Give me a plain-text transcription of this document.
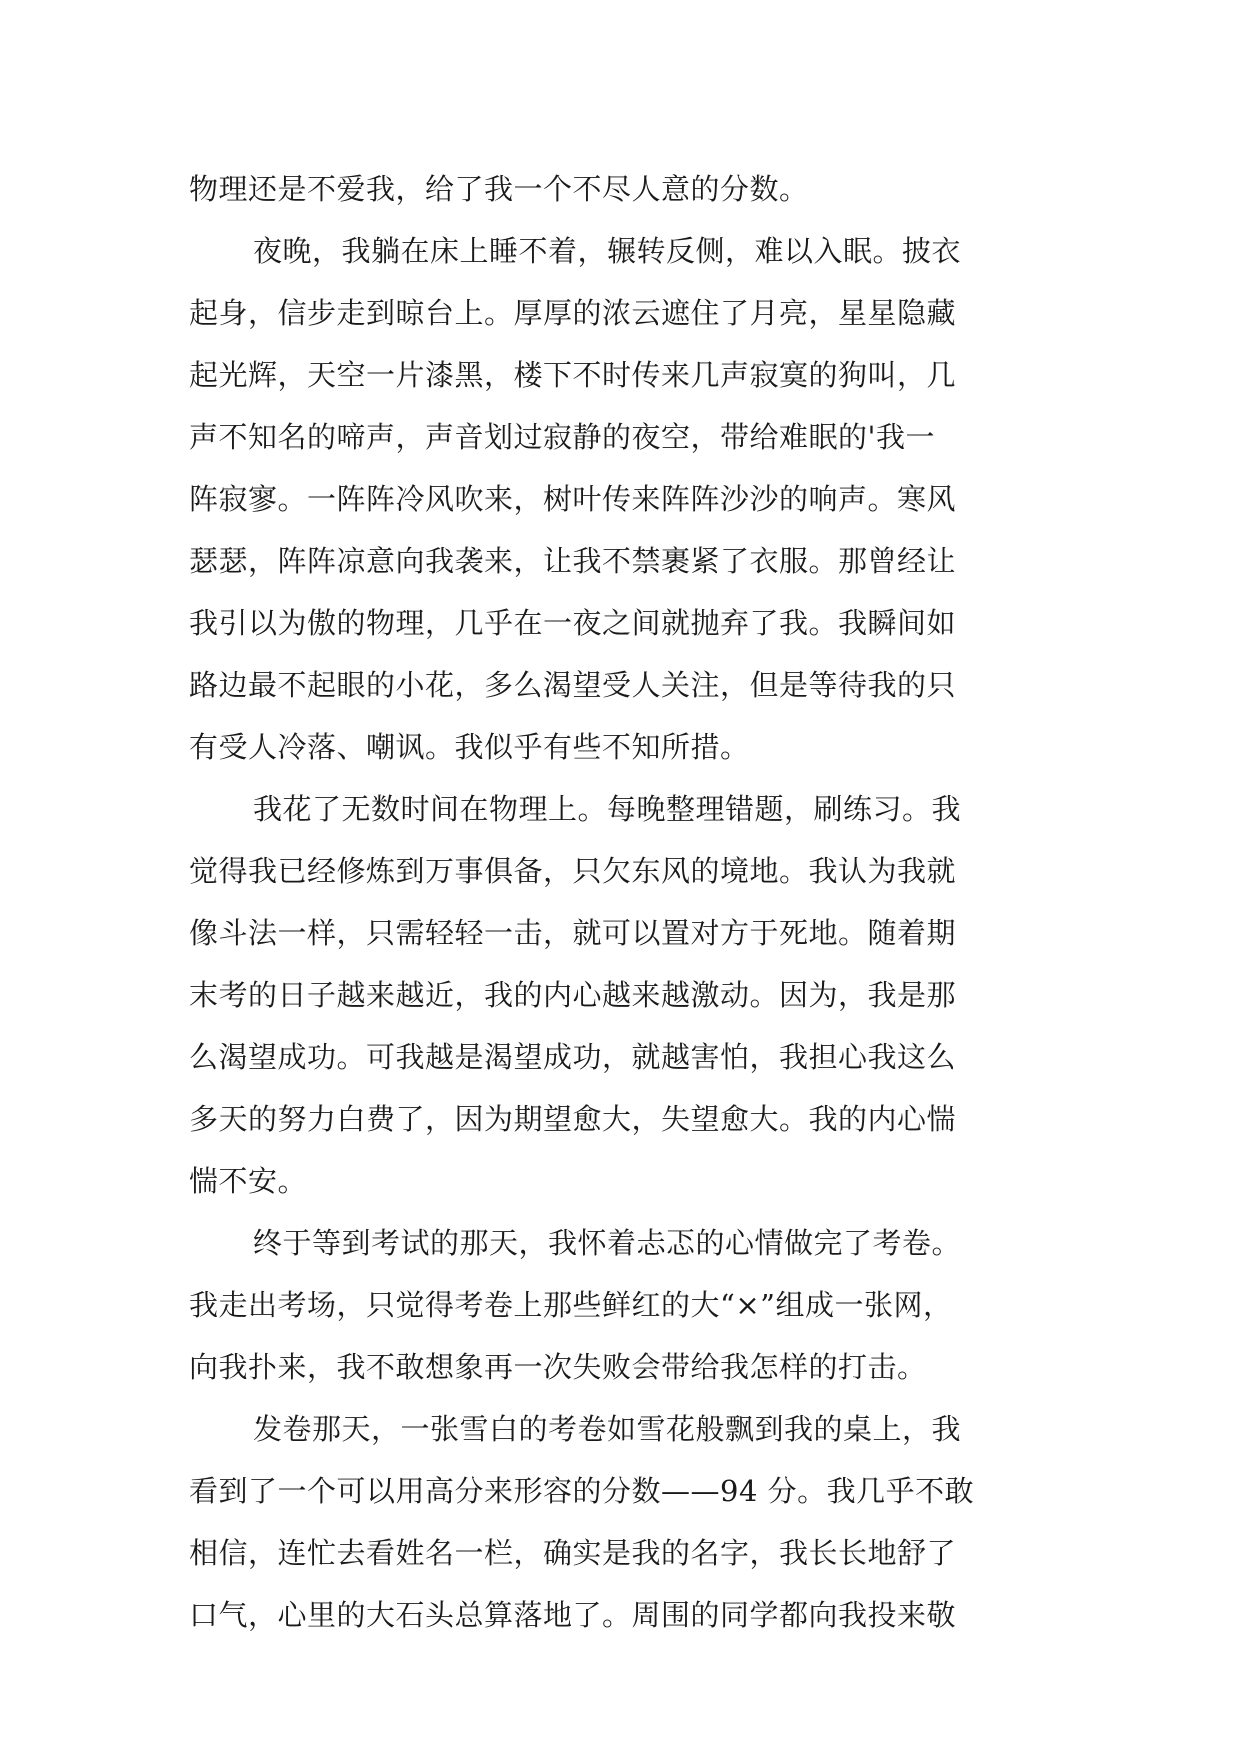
物理还是不爱我，给了我一个不尽人意的分数。
夜晚，我躺在床上睡不着，辗转反侧，难以入眠。披衣
起身，信步走到晾台上。厚厚的浓云遮住了月亮，星星隐藏
起光辉，天空一片漆黑，楼下不时传来几声寂寞的狗叫，几
声不知名的啼声，声音划过寂静的夜空，带给难眠的'我一
阵寂寥。一阵阵冷风吹来，树叶传来阵阵沙沙的响声。寒风
瑟瑟，阵阵凉意向我袭来，让我不禁裹紧了衣服。那曾经让
我引以为傲的物理，几乎在一夜之间就抛弃了我。我瞬间如
路边最不起眼的小花，多么渴望受人关注，但是等待我的只
有受人冷落、嘲讽。我似乎有些不知所措。
我花了无数时间在物理上。每晚整理错题，刷练习。我
觉得我已经修炼到万事俱备，只欠东风的境地。我认为我就
像斗法一样，只需轻轻一击，就可以置对方于死地。随着期
末考的日子越来越近，我的内心越来越激动。因为，我是那
么渴望成功。可我越是渴望成功，就越害怕，我担心我这么
多天的努力白费了，因为期望愈大，失望愈大。我的内心惴
惴不安。
终于等到考试的那天，我怀着忐忑的心情做完了考卷。
我走出考场，只觉得考卷上那些鲜红的大“×”组成一张网，
向我扑来，我不敢想象再一次失败会带给我怎样的打击。
发卷那天，一张雪白的考卷如雪花般飘到我的桌上，我
看到了一个可以用高分来形容的分数——94 分。我几乎不敢
相信，连忙去看姓名一栏，确实是我的名字，我长长地舒了
口气，心里的大石头总算落地了。周围的同学都向我投来敬
